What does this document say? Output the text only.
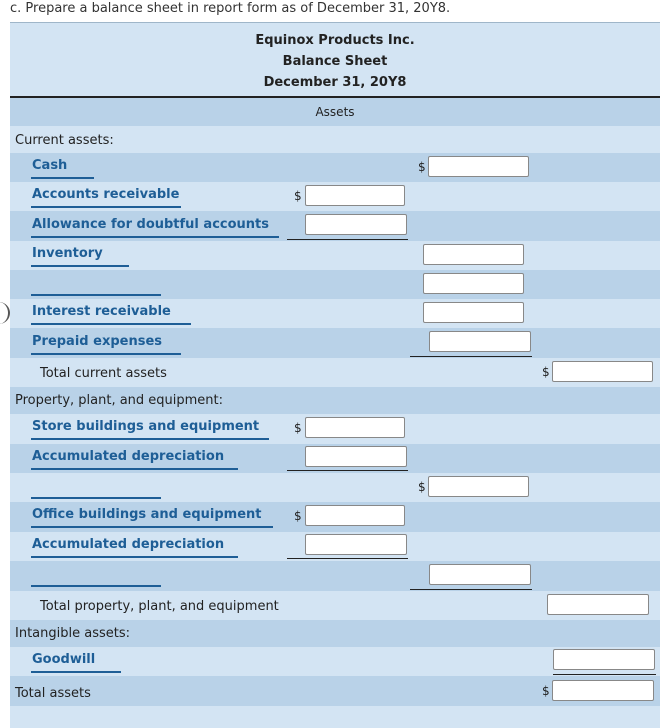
c. Prepare a balance sheet in report form as of December 31, 20Y8.
Equinox Products Inc.
Balance Sheet
December 31, 20Y8
Assets
Current assets:
Total current assets
Property, plant, and equipment:
Total property, plant, and equipment
Intangible assets:
Total assets
Cash
Accounts receivable
Allowance for doubtful accounts
Inventory
Interest receivable
Prepaid expenses
Store buildings and equipment
Accumulated depreciation
Office buildings and equipment
Accumulated depreciation
Goodwill
$
$
$
$
$
$
$
